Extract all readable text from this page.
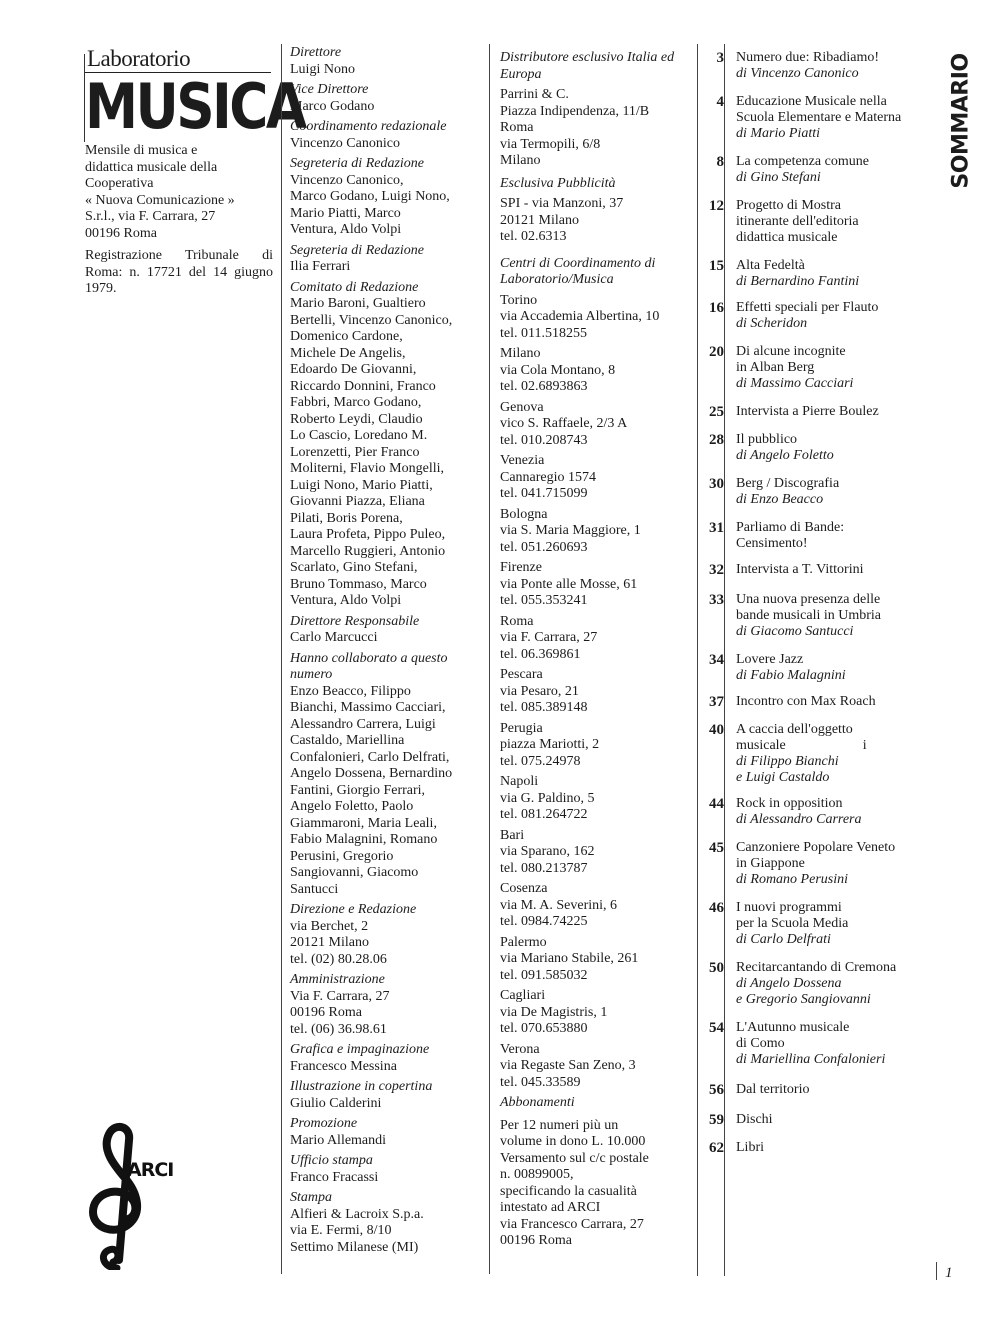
Laboratorio
MUSICA

Mensile di musica e

didattica musicale della

Cooperativa

« Nuova Comunicazione »

S.r.l., via F. Carrara, 27

00196 Roma

Registrazione Tribunale di Roma: n. 17721 del 14 giugno 1979.

ARCI

Direttore

Luigi Nono

Vice Direttore

Marco Godano

Coordinamento redazionale

Vincenzo Canonico

Segreteria di Redazione

Vincenzo Canonico,

Marco Godano, Luigi Nono,

Mario Piatti, Marco

Ventura, Aldo Volpi

Segreteria di Redazione

Ilia Ferrari

Comitato di Redazione

Mario Baroni, Gualtiero

Bertelli, Vincenzo Canonico,

Domenico Cardone,

Michele De Angelis,

Edoardo De Giovanni,

Riccardo Donnini, Franco

Fabbri, Marco Godano,

Roberto Leydi, Claudio

Lo Cascio, Loredano M.

Lorenzetti, Pier Franco

Moliterni, Flavio Mongelli,

Luigi Nono, Mario Piatti,

Giovanni Piazza, Eliana

Pilati, Boris Porena,

Laura Profeta, Pippo Puleo,

Marcello Ruggieri, Antonio

Scarlato, Gino Stefani,

Bruno Tommaso, Marco

Ventura, Aldo Volpi

Direttore Responsabile

Carlo Marcucci

Hanno collaborato a questo numero

Enzo Beacco, Filippo

Bianchi, Massimo Cacciari,

Alessandro Carrera, Luigi

Castaldo, Mariellina

Confalonieri, Carlo Delfrati,

Angelo Dossena, Bernardino

Fantini, Giorgio Ferrari,

Angelo Foletto, Paolo

Giammaroni, Maria Leali,

Fabio Malagnini, Romano

Perusini, Gregorio

Sangiovanni, Giacomo

Santucci

Direzione e Redazione

via Berchet, 2

20121 Milano

tel. (02) 80.28.06

Amministrazione

Via F. Carrara, 27

00196 Roma

tel. (06) 36.98.61

Grafica e impaginazione

Francesco Messina

Illustrazione in copertina

Giulio Calderini

Promozione

Mario Allemandi

Ufficio stampa

Franco Fracassi

Stampa

Alfieri & Lacroix S.p.a.

via E. Fermi, 8/10

Settimo Milanese (MI)

Distributore esclusivo Italia ed Europa

Parrini & C.

Piazza Indipendenza, 11/B

Roma

via Termopili, 6/8

Milano

Esclusiva Pubblicità

SPI - via Manzoni, 37

20121 Milano

tel. 02.6313

Centri di Coordinamento di Laboratorio/Musica

Torino

via Accademia Albertina, 10

tel. 011.518255

Milano

via Cola Montano, 8

tel. 02.6893863

Genova

vico S. Raffaele, 2/3 A

tel. 010.208743

Venezia

Cannaregio 1574

tel. 041.715099

Bologna

via S. Maria Maggiore, 1

tel. 051.260693

Firenze

via Ponte alle Mosse, 61

tel. 055.353241

Roma

via F. Carrara, 27

tel. 06.369861

Pescara

via Pesaro, 21

tel. 085.389148

Perugia

piazza Mariotti, 2

tel. 075.24978

Napoli

via G. Paldino, 5

tel. 081.264722

Bari

via Sparano, 162

tel. 080.213787

Cosenza

via M. A. Severini, 6

tel. 0984.74225

Palermo

via Mariano Stabile, 261

tel. 091.585032

Cagliari

via De Magistris, 1

tel. 070.653880

Verona

via Regaste San Zeno, 3

tel. 045.33589

Abbonamenti

Per 12 numeri più un

volume in dono L. 10.000

Versamento sul c/c postale

n. 00899005,

specificando la casualità

intestato ad ARCI

via Francesco Carrara, 27

00196 Roma

3 Numero due: Ribadiamo!
di Vincenzo Canonico
4 Educazione Musicale nella
Scuola Elementare e Materna
di Mario Piatti
8 La competenza comune
di Gino Stefani
12 Progetto di Mostra
itinerante dell'editoria
didattica musicale
15 Alta Fedeltà
di Bernardino Fantini
16 Effetti speciali per Flauto
di Scheridon
20 Di alcune incognite
in Alban Berg
di Massimo Cacciari
25 Intervista a Pierre Boulez
28 Il pubblico
di Angelo Foletto
30 Berg / Discografia
di Enzo Beacco
31 Parliamo di Bande:
Censimento!
32 Intervista a T. Vittorini
33 Una nuova presenza delle
bande musicali in Umbria
di Giacomo Santucci
34 Lovere Jazz
di Fabio Malagnini
37 Incontro con Max Roach
40 A caccia dell'oggetto
musicale                      i
di Filippo Bianchi
e Luigi Castaldo
44 Rock in opposition
di Alessandro Carrera
45 Canzoniere Popolare Veneto
in Giappone
di Romano Perusini
46 I nuovi programmi
per la Scuola Media
di Carlo Delfrati
50 Recitarcantando di Cremona
di Angelo Dossena
e Gregorio Sangiovanni
54 L'Autunno musicale
di Como
di Mariellina Confalonieri
56 Dal territorio
59 Dischi
62 Libri
SOMMARIO
1
